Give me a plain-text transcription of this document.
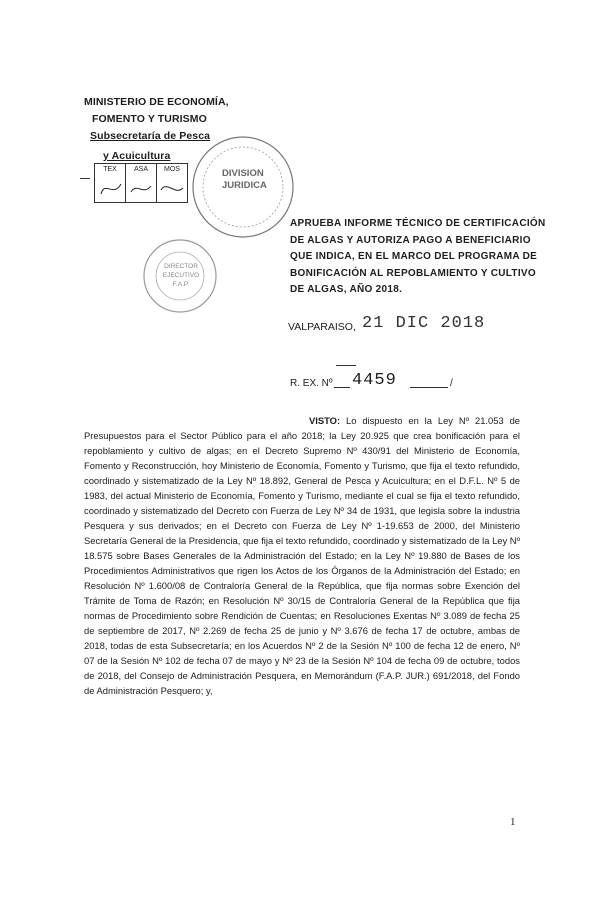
MINISTERIO DE ECONOMÍA,
FOMENTO Y TURISMO
Subsecretaría de Pesca
y Acuicultura
TEX	ASA	MOS	DIVISION JURIDICA
DIRECTOR EJECUTIVO F.A.P.
APRUEBA INFORME TÉCNICO DE CERTIFICACIÓN DE ALGAS Y AUTORIZA PAGO A BENEFICIARIO QUE INDICA, EN EL MARCO DEL PROGRAMA DE BONIFICACIÓN AL REPOBLAMIENTO Y CULTIVO DE ALGAS, AÑO 2018.
VALPARAISO, 21 DIC 2018
R. EX. Nº 4459	/
VISTO: Lo dispuesto en la Ley Nº 21.053 de Presupuestos para el Sector Público para el año 2018; la Ley 20.925 que crea bonificación para el repoblamiento y cultivo de algas; en el Decreto Supremo Nº 430/91 del Ministerio de Economía, Fomento y Reconstrucción, hoy Ministerio de Economía, Fomento y Turismo, que fija el texto refundido, coordinado y sistematizado de la Ley Nº 18.892, General de Pesca y Acuicultura; en el D.F.L. Nº 5 de 1983, del actual Ministerio de Economía, Fomento y Turismo, mediante el cual se fija el texto refundido, coordinado y sistematizado del Decreto con Fuerza de Ley Nº 34 de 1931, que legisla sobre la industria Pesquera y sus derivados; en el Decreto con Fuerza de Ley Nº 1-19.653 de 2000, del Ministerio Secretaría General de la Presidencia, que fija el texto refundido, coordinado y sistematizado de la Ley Nº 18.575 sobre Bases Generales de la Administración del Estado; en la Ley Nº 19.880 de Bases de los Procedimientos Administrativos que rigen los Actos de los Órganos de la Administración del Estado; en Resolución Nº 1.600/08 de Contraloría General de la República, que fija normas sobre Exención del Trámite de Toma de Razón; en Resolución Nº 30/15 de Contraloría General de la República que fija normas de Procedimiento sobre Rendición de Cuentas; en Resoluciones Exentas Nº 3.089 de fecha 25 de septiembre de 2017, Nº 2.269 de fecha 25 de junio y Nº 3.676 de fecha 17 de octubre, ambas de 2018, todas de esta Subsecretaría; en los Acuerdos Nº 2 de la Sesión Nº 100 de fecha 12 de enero, Nº 07 de la Sesión Nº 102 de fecha 07 de mayo y Nº 23 de la Sesión Nº 104 de fecha 09 de octubre, todos de 2018, del Consejo de Administración Pesquera, en Memorándum (F.A.P. JUR.) 691/2018, del Fondo de Administración Pesquero; y,
1
